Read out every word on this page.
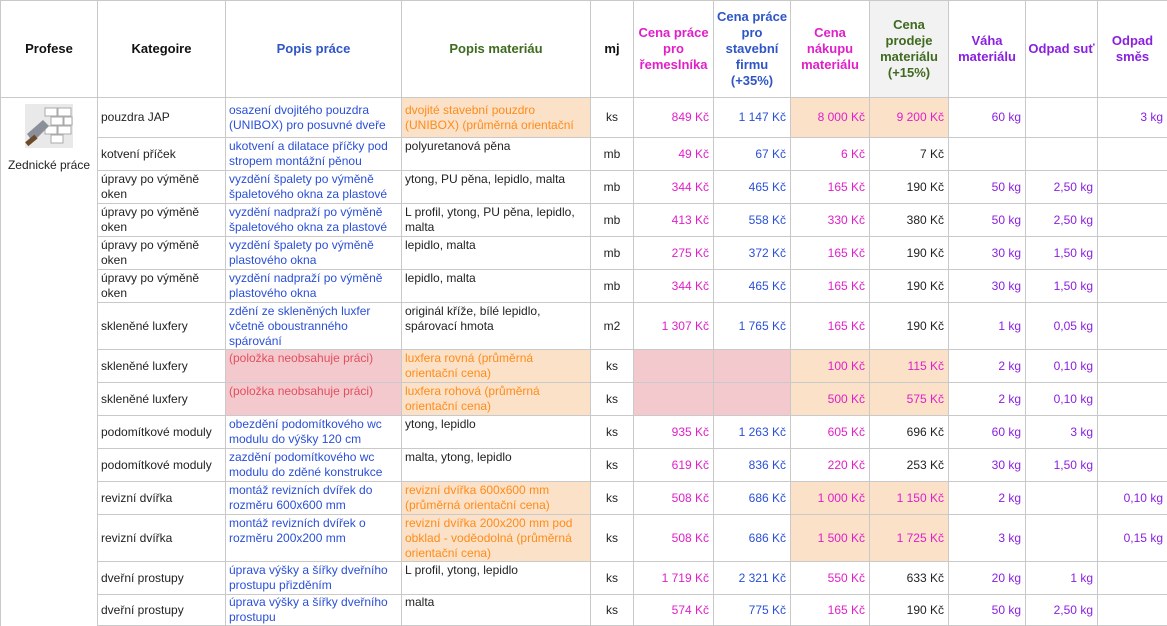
Profese	Kategoire	Popis práce	Popis materiáu	mj	Cena práce pro řemeslníka	Cena práce pro stavební firmu (+35%)	Cena nákupu materiálu	Cena prodeje materiálu (+15%)	Váha materiálu	Odpad suť	Odpad směs

Zednické práce	pouzdra JAP	osazení dvojitého pouzdra (UNIBOX) pro posuvné dveře	dvojité stavební pouzdro (UNIBOX) (průměrná orientační	ks	849 Kč	1 147 Kč	8 000 Kč	9 200 Kč	60 kg		3 kg
	kotvení příček	ukotvení a dilatace příčky pod stropem montážní pěnou	polyuretanová pěna	mb	49 Kč	67 Kč	6 Kč	7 Kč			
	úpravy po výměně oken	vyzdění špalety po výměně špaletového okna za plastové	ytong, PU pěna, lepidlo, malta	mb	344 Kč	465 Kč	165 Kč	190 Kč	50 kg	2,50 kg	
	úpravy po výměně oken	vyzdění nadpraží po výměně špaletového okna za plastové	L profil, ytong, PU pěna, lepidlo, malta	mb	413 Kč	558 Kč	330 Kč	380 Kč	50 kg	2,50 kg	
	úpravy po výměně oken	vyzdění špalety po výměně plastového okna	lepidlo, malta	mb	275 Kč	372 Kč	165 Kč	190 Kč	30 kg	1,50 kg	
	úpravy po výměně oken	vyzdění nadpraží po výměně plastového okna	lepidlo, malta	mb	344 Kč	465 Kč	165 Kč	190 Kč	30 kg	1,50 kg	
	skleněné luxfery	zdění ze skleněných luxfer včetně oboustranného spárování	originál kříže, bílé lepidlo, spárovací hmota	m2	1 307 Kč	1 765 Kč	165 Kč	190 Kč	1 kg	0,05 kg	
	skleněné luxfery	(položka neobsahuje práci)	luxfera rovná (průměrná orientační cena)	ks			100 Kč	115 Kč	2 kg	0,10 kg	
	skleněné luxfery	(položka neobsahuje práci)	luxfera rohová (průměrná orientační cena)	ks			500 Kč	575 Kč	2 kg	0,10 kg	
	podomítkové moduly	obezdění podomítkového wc modulu do výšky 120 cm	ytong, lepidlo	ks	935 Kč	1 263 Kč	605 Kč	696 Kč	60 kg	3 kg	
	podomítkové moduly	zazdění podomítkového wc modulu do zděné konstrukce	malta, ytong, lepidlo	ks	619 Kč	836 Kč	220 Kč	253 Kč	30 kg	1,50 kg	
	revizní dvířka	montáž revizních dvířek do rozměru 600x600 mm	revizní dvířka 600x600 mm (průměrná orientační cena)	ks	508 Kč	686 Kč	1 000 Kč	1 150 Kč	2 kg		0,10 kg
	revizní dvířka	montáž revizních dvířek o rozměru 200x200 mm	revizní dvířka 200x200 mm pod obklad - voděodolná (průměrná orientační cena)	ks	508 Kč	686 Kč	1 500 Kč	1 725 Kč	3 kg		0,15 kg
	dveřní prostupy	úprava výšky a šířky dveřního prostupu přizděním	L profil, ytong, lepidlo	ks	1 719 Kč	2 321 Kč	550 Kč	633 Kč	20 kg	1 kg	
	dveřní prostupy	úprava výšky a šířky dveřního prostupu	malta	ks	574 Kč	775 Kč	165 Kč	190 Kč	50 kg	2,50 kg	
